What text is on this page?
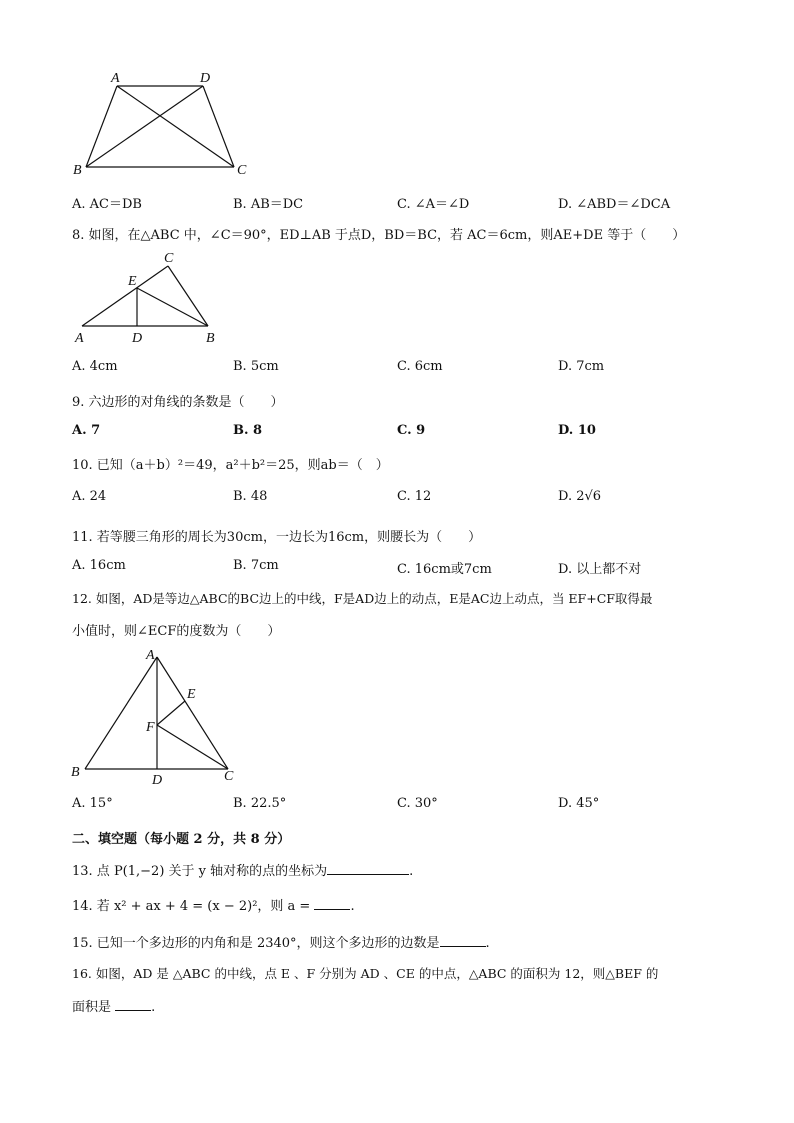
A	D
B	C
A. AC＝DB	B. AB＝DC	C. ∠A＝∠D	D. ∠ABD＝∠DCA
8. 如图，在△ABC 中，∠C＝90°，ED⊥AB 于点D，BD＝BC，若 AC＝6cm，则AE+DE 等于（　　）
C
E
A	D	B
A. 4cm	B. 5cm	C. 6cm	D. 7cm
9. 六边形的对角线的条数是（　　）
A. 7	B. 8	C. 9	D. 10
10. 已知（a＋b）²＝49，a²＋b²＝25，则ab＝（　）
A. 24	B. 48	C. 12	D. 2√6
11. 若等腰三角形的周长为30cm，一边长为16cm，则腰长为（　　）
A. 16cm	B. 7cm	C. 16cm或7cm	D. 以上都不对
12. 如图，AD是等边△ABC的BC边上的中线，F是AD边上的动点，E是AC边上动点，当 EF+CF取得最
小值时，则∠ECF的度数为（　　）
A
E
F
B
D	C
A. 15°	B. 22.5°	C. 30°	D. 45°
二、填空题（每小题 2 分，共 8 分）
13. 点 P(1,−2) 关于 y 轴对称的点的坐标为	.
14. 若 x² + ax + 4 = (x − 2)²，则 a =	.
15. 已知一个多边形的内角和是 2340°，则这个多边形的边数是	.
16. 如图，AD 是 △ABC 的中线，点 E 、F 分别为 AD 、CE 的中点，△ABC 的面积为 12，则△BEF 的
面积是	.
